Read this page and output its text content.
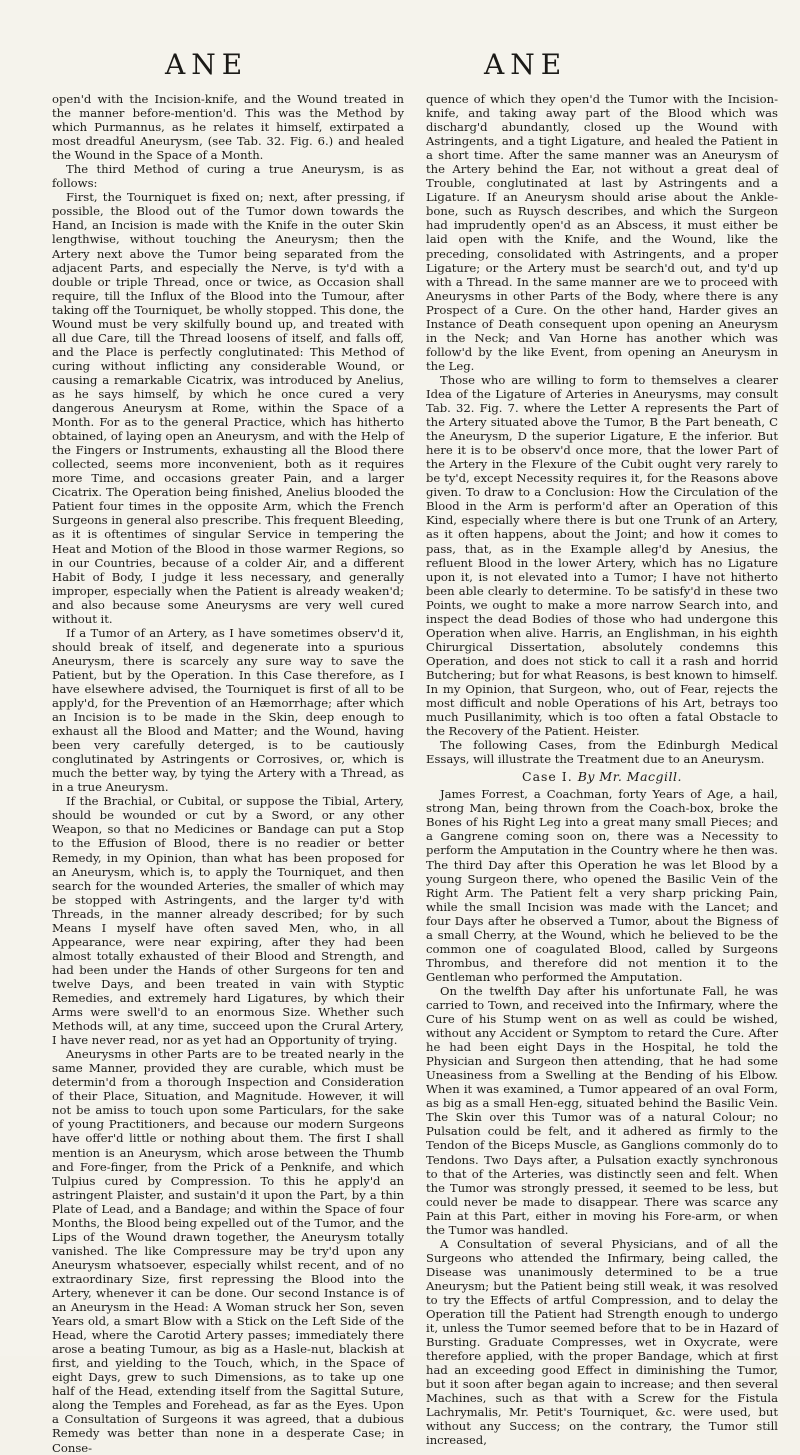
ANE	ANE

open'd with the Incision-knife, and the Wound treated in the manner before-mention'd. This was the Method by which Purmannus, as he relates it himself, extirpated a most dreadful Aneurysm, (see Tab. 32. Fig. 6.) and healed the Wound in the Space of a Month.

The third Method of curing a true Aneurysm, is as follows:

First, the Tourniquet is fixed on; next, after pressing, if possible, the Blood out of the Tumor down towards the Hand, an Incision is made with the Knife in the outer Skin lengthwise, without touching the Aneurysm; then the Artery next above the Tumor being separated from the adjacent Parts, and especially the Nerve, is ty'd with a double or triple Thread, once or twice, as Occasion shall require, till the Influx of the Blood into the Tumour, after taking off the Tourniquet, be wholly stopped. This done, the Wound must be very skilfully bound up, and treated with all due Care, till the Thread loosens of itself, and falls off, and the Place is perfectly conglutinated: This Method of curing without inflicting any considerable Wound, or causing a remarkable Cicatrix, was introduced by Anelius, as he says himself, by which he once cured a very dangerous Aneurysm at Rome, within the Space of a Month. For as to the general Practice, which has hitherto obtained, of laying open an Aneurysm, and with the Help of the Fingers or Instruments, exhausting all the Blood there collected, seems more inconvenient, both as it requires more Time, and occasions greater Pain, and a larger Cicatrix. The Operation being finished, Anelius blooded the Patient four times in the opposite Arm, which the French Surgeons in general also prescribe. This frequent Bleeding, as it is oftentimes of singular Service in tempering the Heat and Motion of the Blood in those warmer Regions, so in our Countries, because of a colder Air, and a different Habit of Body, I judge it less necessary, and generally improper, especially when the Patient is already weaken'd; and also because some Aneurysms are very well cured without it.

If a Tumor of an Artery, as I have sometimes observ'd it, should break of itself, and degenerate into a spurious Aneurysm, there is scarcely any sure way to save the Patient, but by the Operation. In this Case therefore, as I have elsewhere advised, the Tourniquet is first of all to be apply'd, for the Prevention of an Hæmorrhage; after which an Incision is to be made in the Skin, deep enough to exhaust all the Blood and Matter; and the Wound, having been very carefully deterged, is to be cautiously conglutinated by Astringents or Corrosives, or, which is much the better way, by tying the Artery with a Thread, as in a true Aneurysm.

If the Brachial, or Cubital, or suppose the Tibial, Artery, should be wounded or cut by a Sword, or any other Weapon, so that no Medicines or Bandage can put a Stop to the Effusion of Blood, there is no readier or better Remedy, in my Opinion, than what has been proposed for an Aneurysm, which is, to apply the Tourniquet, and then search for the wounded Arteries, the smaller of which may be stopped with Astringents, and the larger ty'd with Threads, in the manner already described; for by such Means I myself have often saved Men, who, in all Appearance, were near expiring, after they had been almost totally exhausted of their Blood and Strength, and had been under the Hands of other Surgeons for ten and twelve Days, and been treated in vain with Styptic Remedies, and extremely hard Ligatures, by which their Arms were swell'd to an enormous Size. Whether such Methods will, at any time, succeed upon the Crural Artery, I have never read, nor as yet had an Opportunity of trying.

Aneurysms in other Parts are to be treated nearly in the same Manner, provided they are curable, which must be determin'd from a thorough Inspection and Consideration of their Place, Situation, and Magnitude. However, it will not be amiss to touch upon some Particulars, for the sake of young Practitioners, and because our modern Surgeons have offer'd little or nothing about them. The first I shall mention is an Aneurysm, which arose between the Thumb and Fore-finger, from the Prick of a Penknife, and which Tulpius cured by Compression. To this he apply'd an astringent Plaister, and sustain'd it upon the Part, by a thin Plate of Lead, and a Bandage; and within the Space of four Months, the Blood being expelled out of the Tumor, and the Lips of the Wound drawn together, the Aneurysm totally vanished. The like Compressure may be try'd upon any Aneurysm whatsoever, especially whilst recent, and of no extraordinary Size, first repressing the Blood into the Artery, whenever it can be done. Our second Instance is of an Aneurysm in the Head: A Woman struck her Son, seven Years old, a smart Blow with a Stick on the Left Side of the Head, where the Carotid Artery passes; immediately there arose a beating Tumour, as big as a Hasle-nut, blackish at first, and yielding to the Touch, which, in the Space of eight Days, grew to such Dimensions, as to take up one half of the Head, extending itself from the Sagittal Suture, along the Temples and Forehead, as far as the Eyes. Upon a Consultation of Surgeons it was agreed, that a dubious Remedy was better than none in a desperate Case; in Conse-

quence of which they open'd the Tumor with the Incision-knife, and taking away part of the Blood which was discharg'd abundantly, closed up the Wound with Astringents, and a tight Ligature, and healed the Patient in a short time. After the same manner was an Aneurysm of the Artery behind the Ear, not without a great deal of Trouble, conglutinated at last by Astringents and a Ligature. If an Aneurysm should arise about the Ankle-bone, such as Ruysch describes, and which the Surgeon had imprudently open'd as an Abscess, it must either be laid open with the Knife, and the Wound, like the preceding, consolidated with Astringents, and a proper Ligature; or the Artery must be search'd out, and ty'd up with a Thread. In the same manner are we to proceed with Aneurysms in other Parts of the Body, where there is any Prospect of a Cure. On the other hand, Harder gives an Instance of Death consequent upon opening an Aneurysm in the Neck; and Van Horne has another which was follow'd by the like Event, from opening an Aneurysm in the Leg.

Those who are willing to form to themselves a clearer Idea of the Ligature of Arteries in Aneurysms, may consult Tab. 32. Fig. 7. where the Letter A represents the Part of the Artery situated above the Tumor, B the Part beneath, C the Aneurysm, D the superior Ligature, E the inferior. But here it is to be observ'd once more, that the lower Part of the Artery in the Flexure of the Cubit ought very rarely to be ty'd, except Necessity requires it, for the Reasons above given. To draw to a Conclusion: How the Circulation of the Blood in the Arm is perform'd after an Operation of this Kind, especially where there is but one Trunk of an Artery, as it often happens, about the Joint; and how it comes to pass, that, as in the Example alleg'd by Anesius, the refluent Blood in the lower Artery, which has no Ligature upon it, is not elevated into a Tumor; I have not hitherto been able clearly to determine. To be satisfy'd in these two Points, we ought to make a more narrow Search into, and inspect the dead Bodies of those who had undergone this Operation when alive. Harris, an Englishman, in his eighth Chirurgical Dissertation, absolutely condemns this Operation, and does not stick to call it a rash and horrid Butchering; but for what Reasons, is best known to himself. In my Opinion, that Surgeon, who, out of Fear, rejects the most difficult and noble Operations of his Art, betrays too much Pusillanimity, which is too often a fatal Obstacle to the Recovery of the Patient. Heister.

The following Cases, from the Edinburgh Medical Essays, will illustrate the Treatment due to an Aneurysm.

Case I. By Mr. Macgill.

James Forrest, a Coachman, forty Years of Age, a hail, strong Man, being thrown from the Coach-box, broke the Bones of his Right Leg into a great many small Pieces; and a Gangrene coming soon on, there was a Necessity to perform the Amputation in the Country where he then was. The third Day after this Operation he was let Blood by a young Surgeon there, who opened the Basilic Vein of the Right Arm. The Patient felt a very sharp pricking Pain, while the small Incision was made with the Lancet; and four Days after he observed a Tumor, about the Bigness of a small Cherry, at the Wound, which he believed to be the common one of coagulated Blood, called by Surgeons Thrombus, and therefore did not mention it to the Gentleman who performed the Amputation.

On the twelfth Day after his unfortunate Fall, he was carried to Town, and received into the Infirmary, where the Cure of his Stump went on as well as could be wished, without any Accident or Symptom to retard the Cure. After he had been eight Days in the Hospital, he told the Physician and Surgeon then attending, that he had some Uneasiness from a Swelling at the Bending of his Elbow. When it was examined, a Tumor appeared of an oval Form, as big as a small Hen-egg, situated behind the Basilic Vein. The Skin over this Tumor was of a natural Colour; no Pulsation could be felt, and it adhered as firmly to the Tendon of the Biceps Muscle, as Ganglions commonly do to Tendons. Two Days after, a Pulsation exactly synchronous to that of the Arteries, was distinctly seen and felt. When the Tumor was strongly pressed, it seemed to be less, but could never be made to disappear. There was scarce any Pain at this Part, either in moving his Fore-arm, or when the Tumor was handled.

A Consultation of several Physicians, and of all the Surgeons who attended the Infirmary, being called, the Disease was unanimously determined to be a true Aneurysm; but the Patient being still weak, it was resolved to try the Effects of artful Compression, and to delay the Operation till the Patient had Strength enough to undergo it, unless the Tumor seemed before that to be in Hazard of Bursting. Graduate Compresses, wet in Oxycrate, were therefore applied, with the proper Bandage, which at first had an exceeding good Effect in diminishing the Tumor, but it soon after began again to increase; and then several Machines, such as that with a Screw for the Fistula Lachrymalis, Mr. Petit's Tourniquet, &c. were used, but without any Success; on the contrary, the Tumor still increased,
